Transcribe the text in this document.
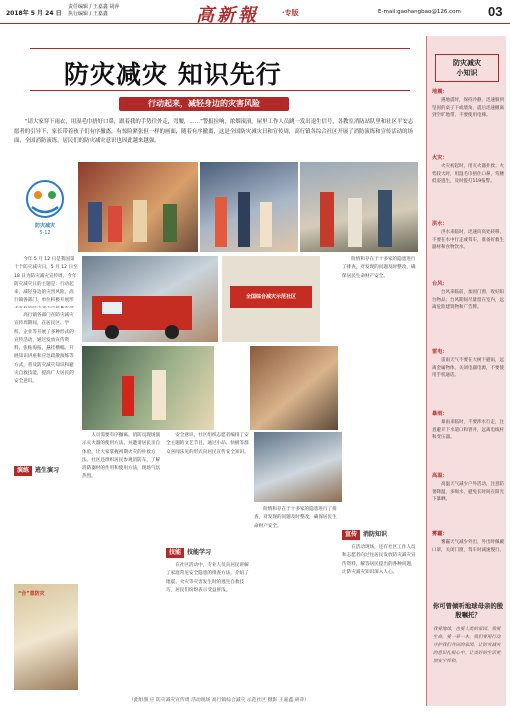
2018年 5 月 24 日
责任编辑 / 王嘉鑫 胡萍
执行编辑 / 王嘉鑫	高新報	·专版	E-mail:gaohangbao@126.com 03
防灾减灾 知识先行
行动起来，减轻身边的灾害风险
“请大家穿下雨衣，用湿毛巾捂好口鼻，跟着我的手势往外走，弯腰，……”警报拉响，浓烟滚滚。屋里工作人员跳一发出退生信号，各教室消防站队里和社区平安志愿者的引导下，家长带着孩子们有序撤离，有惊险紧张但一样的画面，随着有序撤离，这是全国防灾减灾日和宣传周，高行镇各综合社区开展了消防演练和宣传活动的场面，全国消防演练，居民们的防灾减灾意识也因此越来越强。
防灾减灾
5·12
今年 5 月 12 日是我国第十个防灾减灾日，5 月 12 日至 18 日为防灾减灾宣传周。今年防灾减灾日的主题是：行动起来，减轻身边的灾害风险。高行镇各部门、单位积极开展形
高行镇各部门在防灾减灾宣传周期间，在居民区、学校、企业等开展了多种形式的宣传活动，通过发放宣传资料、张贴海报、悬挂横幅、开展知识讲座和应急疏散演练等方式，普及防灾减灾知识和避灾自救技能，提高广大居民的安全意识。
演练 逃生演习
全国综合减灾示范社区
人员需要有序撤离。消防员现场演示灭火器的使用方法，并邀请居民亲自体验，让大家掌握初期火灾的扑救方法。社区还组织居民参观消防车，了解消防器材的作用和使用方法，现场气氛热烈。
“合”意防灾
安全意识，社区组织志愿者编排了安全主题的文艺节目，通过小品、快板等群众喜闻乐见的形式向居民宣传安全知识。
技能 技能学习
在社区活动中，专业人员向居民讲解了家庭常见安全隐患的排查方法，介绍了地震、火灾等灾害发生时的逃生自救技巧，居民们纷纷表示受益匪浅。
险情和存在于十多家的隐患进行了排查，对发现的问题及时整改，确保居民生命财产安全。
宣传 消防知识
在活动现场，还有社区工作人员和志愿者向过往居民发放防灾减灾宣传资料，解答居民提出的各种问题，让防灾减灾知识深入人心。
险情和存在于十多家的隐患进行了排查，对发现的问题及时整改，确保居民生命财产安全。
（此组图 应 防灾减灾宣传周 活动现场 高行镇综合减灾 示范社区 摄影 王嘉鑫 胡萍）
防灾减灾
小知识
地震：
遇地震时，保持冷静，迅速躲到坚固的桌子下或墙角，震后迅速撤离到空旷地带，不要使用电梯。
火灾：
火灾初起时，用灭火器扑救；火势较大时，用湿毛巾捂住口鼻，弯腰低姿逃生，及时拨打119报警。
洪水：
洪水来临时，迅速向高处转移，不要在水中行走或驾车，准备好救生器材和食物饮水。
台风：
台风来临前，加固门窗，收好阳台物品；台风期间尽量留在室内，远离危险建筑物和广告牌。
雷电：
雷雨天气不要在大树下避雨，远离金属物体，关闭电器电源，不要使用手机通话。
暴雨：
暴雨来临时，不要涉水行走，注意避开下水道口和窨井，远离电线杆和变压器。
高温：
高温天气减少户外活动，注意防暑降温，多喝水，避免长时间在阳光下暴晒。
雾霾：
雾霾天气减少外出，外出时佩戴口罩，关闭门窗，驾车时减速慢行。
你可曾倾听地球母亲的殷殷嘱托？
我爱地球，也爱人类的家园。我爱生命，爱一草一木。我们要用行动守护我们共同的家园，让防灾减灾的意识扎根心中，让美好的生活更加安宁祥和。
